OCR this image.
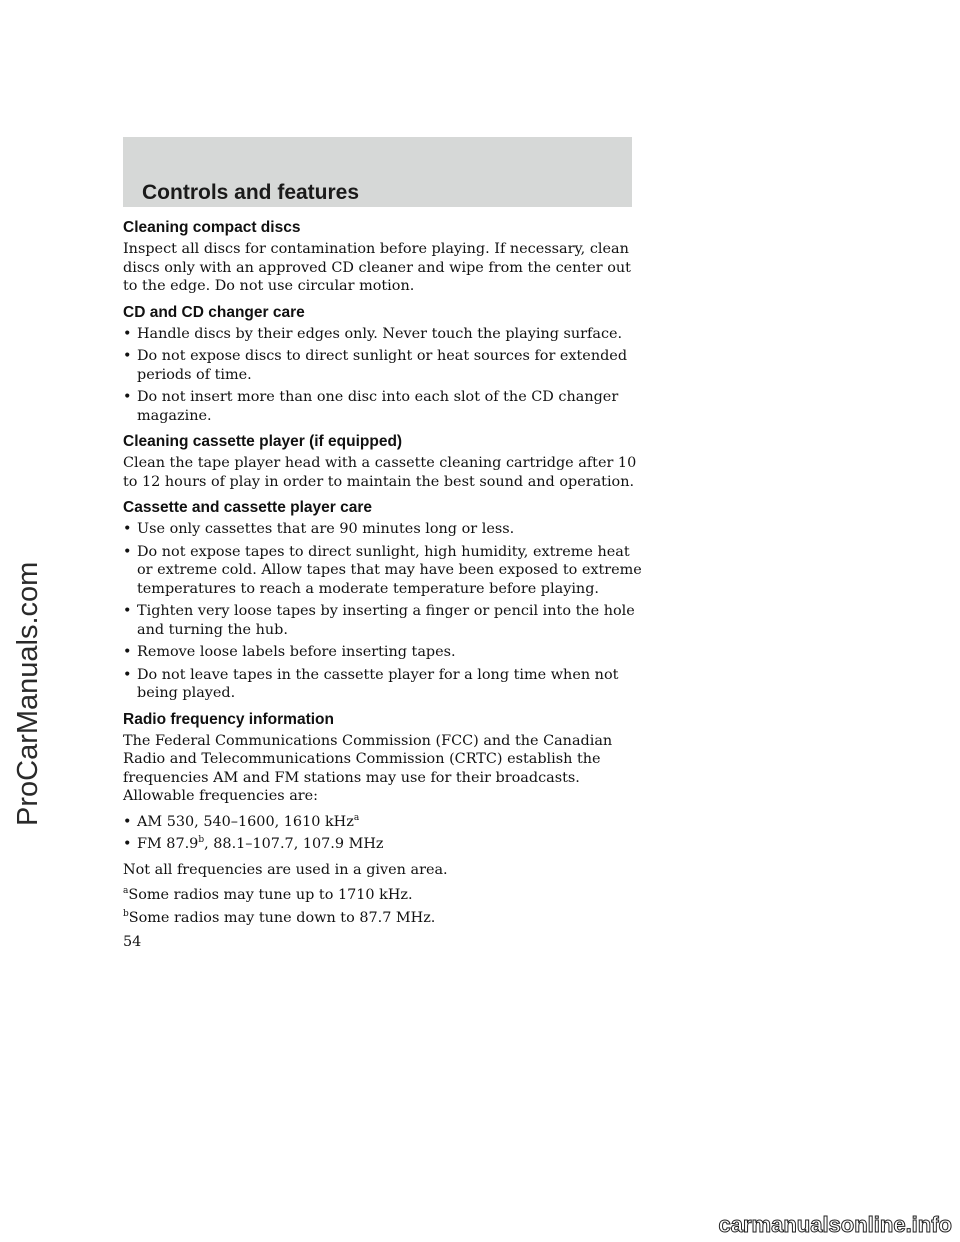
Controls and features
Cleaning compact discs

Inspect all discs for contamination before playing. If necessary, clean discs only with an approved CD cleaner and wipe from the center out to the edge. Do not use circular motion.

CD and CD changer care
• Handle discs by their edges only. Never touch the playing surface.
• Do not expose discs to direct sunlight or heat sources for extended periods of time.
• Do not insert more than one disc into each slot of the CD changer magazine.
Cleaning cassette player (if equipped)

Clean the tape player head with a cassette cleaning cartridge after 10 to 12 hours of play in order to maintain the best sound and operation.

Cassette and cassette player care
• Use only cassettes that are 90 minutes long or less.
• Do not expose tapes to direct sunlight, high humidity, extreme heat or extreme cold. Allow tapes that may have been exposed to extreme temperatures to reach a moderate temperature before playing.
• Tighten very loose tapes by inserting a finger or pencil into the hole and turning the hub.
• Remove loose labels before inserting tapes.
• Do not leave tapes in the cassette player for a long time when not being played.
Radio frequency information

The Federal Communications Commission (FCC) and the Canadian Radio and Telecommunications Commission (CRTC) establish the frequencies AM and FM stations may use for their broadcasts. Allowable frequencies are:

• AM 530, 540–1600, 1610 kHz$^a$
• FM 87.9$^b$, 88.1–107.7, 107.9 MHz

Not all frequencies are used in a given area.

$^a$Some radios may tune up to 1710 kHz.
$^b$Some radios may tune down to 87.7 MHz.
54
ProCarManuals.com
carmanualsonline.info
